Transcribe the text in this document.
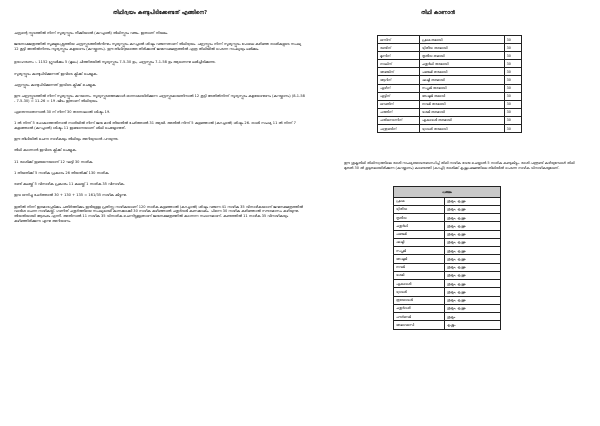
തിഥിദ്വയം കണ്ടുപിടിക്കേണ്ടത് എങ്ങിനെ?

ചന്ദ്രന്റെ സ്ഫുടത്തിൽ നിന്ന് സൂര്യസ്ഫുടം നീക്കിയാൽ (കറച്ചാൽ) തിഥിസ്ഫുടം വരും. ഇതാണ് നിയമം.

ജന്മനാക്ഷത്രത്തിൽ സൂക്ഷ്മപ്പെട്ടുത്തിയ ചന്ദ്രസ്ഫുടത്തിൽനിന്നും സൂര്യസ്ഫുടം കറച്ചാൽ ശിഷ്ടം വരുന്നതാണ് തിഥിദ്വയം. ചന്ദ്രസ്ഫുടം നിന്ന് സൂര്യസ്ഫുടം പോലെ കഴിഞ്ഞ രാശികളുടെ സംഖ്യ 12 കൂട്ടി അതിൽനിന്നും സൂര്യസ്ഫുടം കളയണം (കറയ്ക്കണം). ഈ തിഥിദ്വയത്തെ തിരിക്കണ്ട് ജന്മനാക്ഷത്രത്തിൽ എത്ര തിഥിയിൽ പെടന്ന സംഖ്യയും ലഭിക്കും.

ഉദാഹരണം :- 1152 ഗ്രൂഢിക്കം 5 (മൂലം) ചിത്തിരയിൽ സൂര്യസ്ഫുടം 7-5-30 ഉം, ചന്ദ്രസ്ഫുടം 7-1-58 ഉം ആണെന്നു ലഭിച്ചിരിക്കുന്നു.

സൂര്യസ്ഫുടം കണ്ടുപിടിക്കുന്നത് ഇവിടെ ക്ലിക്ക് ചെയ്യുക.

ചന്ദ്രസ്ഫുടം കണ്ടുപിടിക്കുന്നത് ഇവിടെ ക്ലിക്ക് ചെയ്യുക.

ഈ ചന്ദ്രസ്ഫുടത്തിൽ നിന്ന് സൂര്യസ്ഫുടം കുറയണം. സൂര്യസ്ഫുടത്തേക്കാൾ ഓന്നാമായിരിക്കുന്ന ചന്ദ്രസ്ഫുടമായതിനാൽ 12 കൂട്ടി അതിൽനിന്ന് സൂര്യസ്ഫുടം കളയേണ്ടണം (കറയ്ക്കണം) (8-1-58 - 7-5-30) = 11-26 = 19 ഷിടം ഇതാണ് തിഥിദ്വയം.

ഏതെന്നതെന്നാൽ 30 ന് നിന്ന് 30 തരനാലാൽ ശിഷ്ടം 19.

1 ൽ നിന്ന് 5 പോകാത്തതിനാൽ നാരിയിൽ നിന്ന് ജന്മ മാരി തിയതിൽ ചേർത്താൽ 31 ആയി. അതിൽ നിന്ന് 5 കളഞ്ഞാൽ (കറച്ചാൽ) ശിഷ്ടം 26. രാശി സംഖ്യ 11 ൽ നിന്ന് 7 കളഞ്ഞാൽ (കറച്ചാൽ) ശിഷ്ടം 11 ഇങ്ങനെയാണ് ശിഥി ചെയ്യേണ്ടത്.

ഈ തിഥിയിൽ ചെന്ന നാഴികയും തിഥിയും അറിയുവാൻ പറയുന്നു.

തിഥി കാണാൻ ഇവിടെ ക്ലിക്ക് ചെയ്യുക.

11 രാശിക്ക് ഇങ്ങനെയാണ് 12 ഘട്ടി 30 നാഴിക.

1 തിയതിക്ക് 5 നാഴിക പ്രകാരം 26 തിയതിക്ക് 130 നാഴിക.

രണ്ട് കലയ്ക്ക് 5 വിനാഴിക പ്രകാരം 11 കലയ്ക്ക് 1 നാഴിക 35 വിനാഴിക.

ഇവ ഒന്നിച്ചു ചേർത്താൽ 30 + 130 + 135 = 161/35 നാഴിക കിട്ടുന്നു.

ഇതിൽ നിന്ന് ഇരമാരപ്പടിക്കം ചതിർത്തിക്കം ഇരിയുള്ള പ്രതിസ്സ നാഴികയാണ് 120 നാഴിക കളഞ്ഞാൽ (കറച്ചാൽ) ശിഷ്ടം വരുന്ന 41 നാഴിക 35 വിനാഴികയാണ് ജന്മനക്ഷത്രത്തിൽ വാരിശ ചെന്ന നാഴികയ്ക്ക്. ഗണിത് ചതുർത്തിയെ സംഖ്യമായി കണക്കാക്കി 30 നാഴിക കഴിഞ്ഞാൽ ചതുർദശി കണക്കാകും. പിന്നെ 30 നാഴിക കഴിഞ്ഞാൽ സൗരമാസം കഴിയുന്നു. തിയതിയായി ആരംഭം എന്നീ. അതിനാൽ 11 നാഴിക 35 വിനാഴിക ചെന്നിട്ടുള്ളതാണ് ജന്മനക്ഷത്രത്തിൽ കാണന്ന സ്ഥാനമാണ്. കണ്ടത്തിൽ 11 നാഴിക 35 വിനാഴികയും കഴിഞ്ഞിരിക്കുന്ന എന്നു അറിയണം.

തിഥി കാണാൻ
ഒന്നിന്	പ്രഥമ തമായി	30
രണ്ടിന്	ദ്വിതീയ തരമായി	30
മൂന്നിന്	തൃതീയ തമായി	30
നാലിന്	ചതുർഥി തരമായി	30
അഞ്ചിന്	പഞ്ചമി തരമായി	30
ആറിന്	ഷഷ്ഠി തരമായി	30
ഏഴിന്	സപ്തമി തരമായി	30
എട്ടിന്	അഷ്ടമി തമായി	30
ഒമ്പതിന്	നവമി തരമായി	30
പത്തിന്	ദശമി തരമായി	30
പതിനൊന്നിന്	ഏകാദശി തരമായി	30
പന്ത്രണ്ടിന്	ദ്വാദശി തരമായി	30
ഈ ശുക്ലതിഥി തിഥിസ്വത്തിലെ രാശി സംഖ്യയോടനുബന്ധിച്ച് തിഥി നാഴിക വേരു ചെയ്താൽ 5 നാഴിക കണ്ടുകിട്ടും. രാശി പന്ത്രണ്ട് കഴിയുമ്പോൾ തിഥി മുതൽ 30 ൽ കൂടുതലായിരിക്കുന്ന (കറയ്ക്കണം) കണ്ടെത്തി (കറച്ചി) രാശിക്ക് കൃഷ്ണപക്ഷത്തിലെ തിഥിയിൽ പെടന്ന നാഴിക വിനാഴികയുമാണ്.
പക്ഷം	
പ്രഥമ	ശുക്ലം, കൃഷ്ണം
ദ്വിതീയ	ശുക്ലം, കൃഷ്ണം
തൃതീയ	ശുക്ലം, കൃഷ്ണം
ചതുർഥി	ശുക്ലം, കൃഷ്ണം
പഞ്ചമി	ശുക്ലം, കൃഷ്ണം
ഷഷ്ഠി	ശുക്ലം, കൃഷ്ണം
സപ്തമി	ശുക്ലം, കൃഷ്ണം
അഷ്ടമി	ശുക്ലം, കൃഷ്ണം
നവമി	ശുക്ലം, കൃഷ്ണം
ദശമി	ശുക്ലം, കൃഷ്ണം
ഏകാദശി	ശുക്ലം, കൃഷ്ണം
ദ്വാദശി	ശുക്ലം, കൃഷ്ണം
ത്രയോദശി	ശുക്ലം, കൃഷ്ണം
ചതുർദശി	ശുക്ലം, കൃഷ്ണം
പൗർണമി	ശുക്ലം
അമാവാസി	കൃഷ്ണം
